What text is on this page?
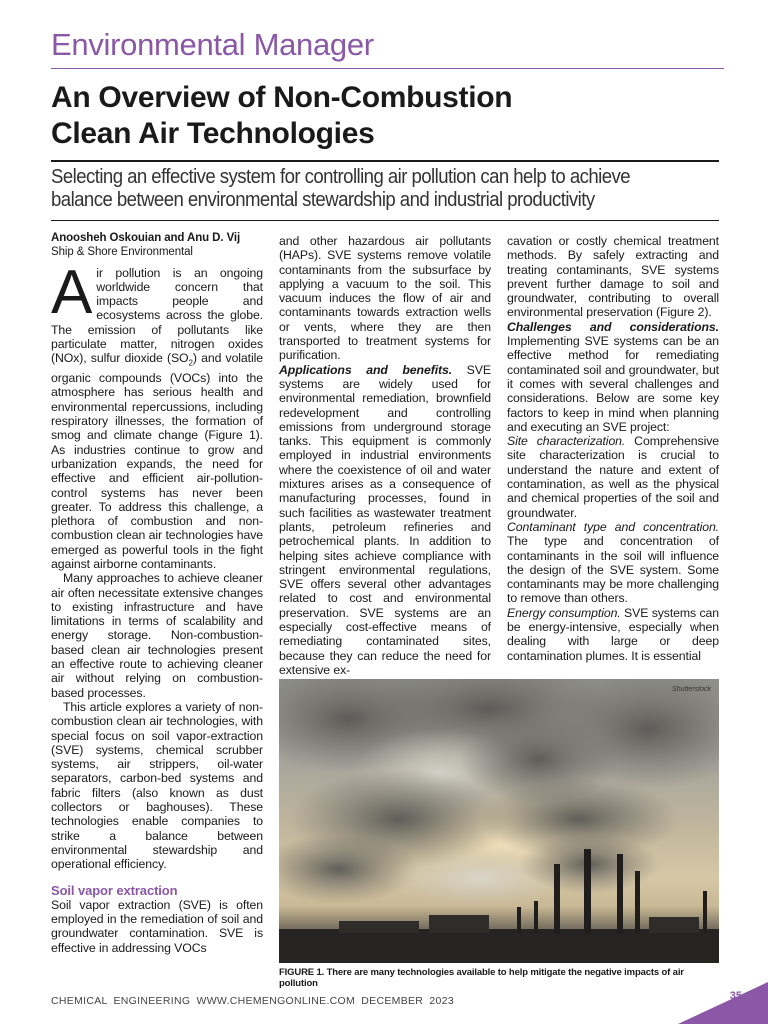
Environmental Manager
An Overview of Non-Combustion
Clean Air Technologies
Selecting an effective system for controlling air pollution can help to achieve balance between environmental stewardship and industrial productivity
Anoosheh Oskouian and Anu D. Vij
Ship & Shore Environmental

Air pollution is an ongoing worldwide concern that impacts people and ecosystems across the globe. The emission of pollutants like particulate matter, nitrogen oxides (NOx), sulfur dioxide $(SO_2)$ and volatile organic compounds (VOCs) into the atmosphere has serious health and environmental repercussions, including respiratory illnesses, the formation of smog and climate change (Figure 1). As industries continue to grow and urbanization expands, the need for effective and efficient air-pollution-control systems has never been greater. To address this challenge, a plethora of combustion and non-combustion clean air technologies have emerged as powerful tools in the fight against airborne contaminants.

Many approaches to achieve cleaner air often necessitate extensive changes to existing infrastructure and have limitations in terms of scalability and energy storage. Non-combustion-based clean air technologies present an effective route to achieving cleaner air without relying on combustion-based processes.

This article explores a variety of non-combustion clean air technologies, with special focus on soil vapor-extraction (SVE) systems, chemical scrubber systems, air strippers, oil-water separators, carbon-bed systems and fabric filters (also known as dust collectors or baghouses). These technologies enable companies to strike a balance between environmental stewardship and operational efficiency.

Soil vapor extraction

Soil vapor extraction (SVE) is often employed in the remediation of soil and groundwater contamination. SVE is effective in addressing VOCs

and other hazardous air pollutants (HAPs). SVE systems remove volatile contaminants from the subsurface by applying a vacuum to the soil. This vacuum induces the flow of air and contaminants towards extraction wells or vents, where they are then transported to treatment systems for purification.

Applications and benefits. SVE systems are widely used for environmental remediation, brownfield redevelopment and controlling emissions from underground storage tanks. This equipment is commonly employed in industrial environments where the coexistence of oil and water mixtures arises as a consequence of manufacturing processes, found in such facilities as wastewater treatment plants, petroleum refineries and petrochemical plants. In addition to helping sites achieve compliance with stringent environmental regulations, SVE offers several other advantages related to cost and environmental preservation. SVE systems are an especially cost-effective means of remediating contaminated sites, because they can reduce the need for extensive ex-

cavation or costly chemical treatment methods. By safely extracting and treating contaminants, SVE systems prevent further damage to soil and groundwater, contributing to overall environmental preservation (Figure 2).

Challenges and considerations. Implementing SVE systems can be an effective method for remediating contaminated soil and groundwater, but it comes with several challenges and considerations. Below are some key factors to keep in mind when planning and executing an SVE project:

Site characterization. Comprehensive site characterization is crucial to understand the nature and extent of contamination, as well as the physical and chemical properties of the soil and groundwater.

Contaminant type and concentration. The type and concentration of contaminants in the soil will influence the design of the SVE system. Some contaminants may be more challenging to remove than others.

Energy consumption. SVE systems can be energy-intensive, especially when dealing with large or deep contamination plumes. It is essential

Shutterstock
FIGURE 1. There are many technologies available to help mitigate the negative impacts of air pollution
CHEMICAL ENGINEERING WWW.CHEMENGONLINE.COM DECEMBER 2023	35
